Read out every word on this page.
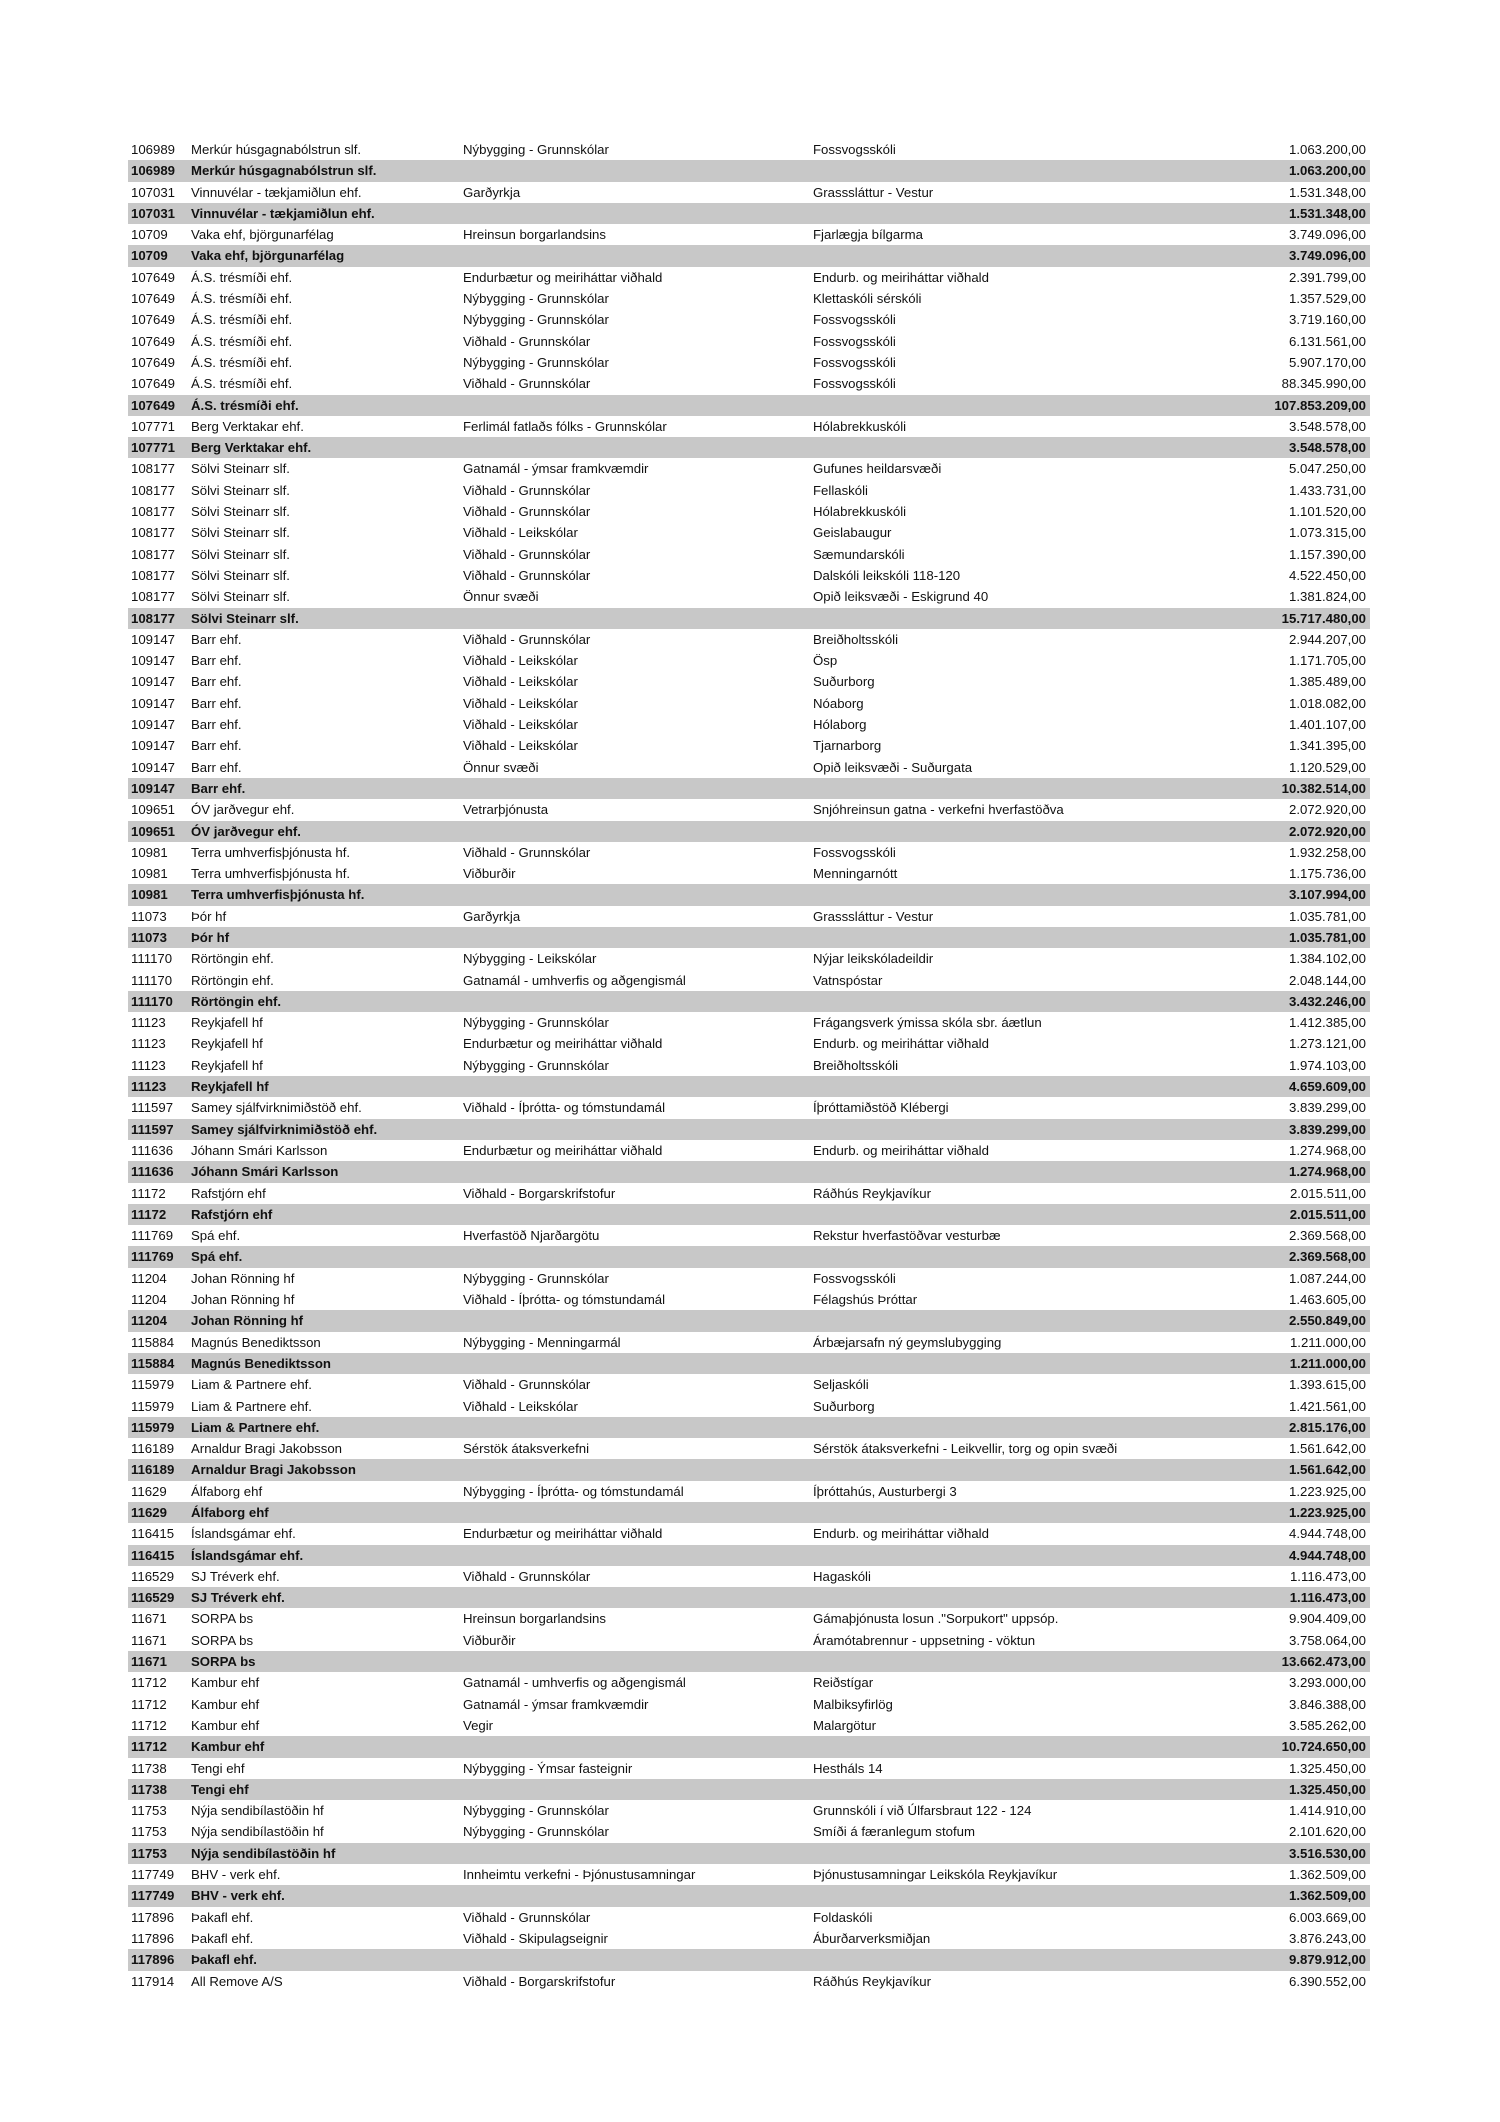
106989	Merkúr húsgagnabólstrun slf.	Nýbygging - Grunnskólar	Fossvogsskóli	1.063.200,00
106989	Merkúr húsgagnabólstrun slf.	1.063.200,00
107031	Vinnuvélar - tækjamiðlun ehf.	Garðyrkja	Grasssláttur - Vestur	1.531.348,00
107031	Vinnuvélar - tækjamiðlun ehf.	1.531.348,00
10709	Vaka ehf, björgunarfélag	Hreinsun borgarlandsins	Fjarlægja bílgarma	3.749.096,00
10709	Vaka ehf, björgunarfélag	3.749.096,00
107649	Á.S. trésmíði ehf.	Endurbætur og meiriháttar viðhald	Endurb. og meiriháttar viðhald	2.391.799,00
107649	Á.S. trésmíði ehf.	Nýbygging - Grunnskólar	Klettaskóli sérskóli	1.357.529,00
107649	Á.S. trésmíði ehf.	Nýbygging - Grunnskólar	Fossvogsskóli	3.719.160,00
107649	Á.S. trésmíði ehf.	Viðhald - Grunnskólar	Fossvogsskóli	6.131.561,00
107649	Á.S. trésmíði ehf.	Nýbygging - Grunnskólar	Fossvogsskóli	5.907.170,00
107649	Á.S. trésmíði ehf.	Viðhald - Grunnskólar	Fossvogsskóli	88.345.990,00
107649	Á.S. trésmíði ehf.	107.853.209,00
107771	Berg Verktakar ehf.	Ferlimál fatlaðs fólks - Grunnskólar	Hólabrekkuskóli	3.548.578,00
107771	Berg Verktakar ehf.	3.548.578,00
108177	Sölvi Steinarr slf.	Gatnamál - ýmsar framkvæmdir	Gufunes heildarsvæði	5.047.250,00
108177	Sölvi Steinarr slf.	Viðhald - Grunnskólar	Fellaskóli	1.433.731,00
108177	Sölvi Steinarr slf.	Viðhald - Grunnskólar	Hólabrekkuskóli	1.101.520,00
108177	Sölvi Steinarr slf.	Viðhald - Leikskólar	Geislabaugur	1.073.315,00
108177	Sölvi Steinarr slf.	Viðhald - Grunnskólar	Sæmundarskóli	1.157.390,00
108177	Sölvi Steinarr slf.	Viðhald - Grunnskólar	Dalskóli leikskóli 118-120	4.522.450,00
108177	Sölvi Steinarr slf.	Önnur svæði	Opið leiksvæði - Eskigrund 40	1.381.824,00
108177	Sölvi Steinarr slf.	15.717.480,00
109147	Barr ehf.	Viðhald - Grunnskólar	Breiðholtsskóli	2.944.207,00
109147	Barr ehf.	Viðhald - Leikskólar	Ösp	1.171.705,00
109147	Barr ehf.	Viðhald - Leikskólar	Suðurborg	1.385.489,00
109147	Barr ehf.	Viðhald - Leikskólar	Nóaborg	1.018.082,00
109147	Barr ehf.	Viðhald - Leikskólar	Hólaborg	1.401.107,00
109147	Barr ehf.	Viðhald - Leikskólar	Tjarnarborg	1.341.395,00
109147	Barr ehf.	Önnur svæði	Opið leiksvæði - Suðurgata	1.120.529,00
109147	Barr ehf.	10.382.514,00
109651	ÓV jarðvegur ehf.	Vetrarþjónusta	Snjóhreinsun gatna - verkefni hverfastöðva	2.072.920,00
109651	ÓV jarðvegur ehf.	2.072.920,00
10981	Terra umhverfisþjónusta hf.	Viðhald - Grunnskólar	Fossvogsskóli	1.932.258,00
10981	Terra umhverfisþjónusta hf.	Viðburðir	Menningarnótt	1.175.736,00
10981	Terra umhverfisþjónusta hf.	3.107.994,00
11073	Þór hf	Garðyrkja	Grasssláttur - Vestur	1.035.781,00
11073	Þór hf	1.035.781,00
111170	Rörtöngin ehf.	Nýbygging - Leikskólar	Nýjar leikskóladeildir	1.384.102,00
111170	Rörtöngin ehf.	Gatnamál - umhverfis og aðgengismál	Vatnspóstar	2.048.144,00
111170	Rörtöngin ehf.	3.432.246,00
11123	Reykjafell hf	Nýbygging - Grunnskólar	Frágangsverk ýmissa skóla sbr. áætlun	1.412.385,00
11123	Reykjafell hf	Endurbætur og meiriháttar viðhald	Endurb. og meiriháttar viðhald	1.273.121,00
11123	Reykjafell hf	Nýbygging - Grunnskólar	Breiðholtsskóli	1.974.103,00
11123	Reykjafell hf	4.659.609,00
111597	Samey sjálfvirknimiðstöð ehf.	Viðhald - Íþrótta- og tómstundamál	Íþróttamiðstöð Klébergi	3.839.299,00
111597	Samey sjálfvirknimiðstöð ehf.	3.839.299,00
111636	Jóhann Smári Karlsson	Endurbætur og meiriháttar viðhald	Endurb. og meiriháttar viðhald	1.274.968,00
111636	Jóhann Smári Karlsson	1.274.968,00
11172	Rafstjórn ehf	Viðhald - Borgarskrifstofur	Ráðhús Reykjavíkur	2.015.511,00
11172	Rafstjórn ehf	2.015.511,00
111769	Spá ehf.	Hverfastöð Njarðargötu	Rekstur hverfastöðvar vesturbæ	2.369.568,00
111769	Spá ehf.	2.369.568,00
11204	Johan Rönning hf	Nýbygging - Grunnskólar	Fossvogsskóli	1.087.244,00
11204	Johan Rönning hf	Viðhald - Íþrótta- og tómstundamál	Félagshús Þróttar	1.463.605,00
11204	Johan Rönning hf	2.550.849,00
115884	Magnús Benediktsson	Nýbygging - Menningarmál	Árbæjarsafn ný geymslubygging	1.211.000,00
115884	Magnús Benediktsson	1.211.000,00
115979	Liam & Partnere ehf.	Viðhald - Grunnskólar	Seljaskóli	1.393.615,00
115979	Liam & Partnere ehf.	Viðhald - Leikskólar	Suðurborg	1.421.561,00
115979	Liam & Partnere ehf.	2.815.176,00
116189	Arnaldur Bragi Jakobsson	Sérstök átaksverkefni	Sérstök átaksverkefni - Leikvellir, torg og opin svæði	1.561.642,00
116189	Arnaldur Bragi Jakobsson	1.561.642,00
11629	Álfaborg ehf	Nýbygging - Íþrótta- og tómstundamál	Íþróttahús, Austurbergi 3	1.223.925,00
11629	Álfaborg ehf	1.223.925,00
116415	Íslandsgámar ehf.	Endurbætur og meiriháttar viðhald	Endurb. og meiriháttar viðhald	4.944.748,00
116415	Íslandsgámar ehf.	4.944.748,00
116529	SJ Tréverk ehf.	Viðhald - Grunnskólar	Hagaskóli	1.116.473,00
116529	SJ Tréverk ehf.	1.116.473,00
11671	SORPA bs	Hreinsun borgarlandsins	Gámaþjónusta losun ."Sorpukort" uppsóp.	9.904.409,00
11671	SORPA bs	Viðburðir	Áramótabrennur - uppsetning - vöktun	3.758.064,00
11671	SORPA bs	13.662.473,00
11712	Kambur ehf	Gatnamál - umhverfis og aðgengismál	Reiðstígar	3.293.000,00
11712	Kambur ehf	Gatnamál - ýmsar framkvæmdir	Malbiksyfirlög	3.846.388,00
11712	Kambur ehf	Vegir	Malargötur	3.585.262,00
11712	Kambur ehf	10.724.650,00
11738	Tengi ehf	Nýbygging - Ýmsar fasteignir	Hestháls 14	1.325.450,00
11738	Tengi ehf	1.325.450,00
11753	Nýja sendibílastöðin hf	Nýbygging - Grunnskólar	Grunnskóli í við Úlfarsbraut 122 - 124	1.414.910,00
11753	Nýja sendibílastöðin hf	Nýbygging - Grunnskólar	Smíði á færanlegum stofum	2.101.620,00
11753	Nýja sendibílastöðin hf	3.516.530,00
117749	BHV - verk ehf.	Innheimtu verkefni - Þjónustusamningar	Þjónustusamningar Leikskóla Reykjavíkur	1.362.509,00
117749	BHV - verk ehf.	1.362.509,00
117896	Þakafl ehf.	Viðhald - Grunnskólar	Foldaskóli	6.003.669,00
117896	Þakafl ehf.	Viðhald - Skipulagseignir	Áburðarverksmiðjan	3.876.243,00
117896	Þakafl ehf.	9.879.912,00
117914	All Remove A/S	Viðhald - Borgarskrifstofur	Ráðhús Reykjavíkur	6.390.552,00
